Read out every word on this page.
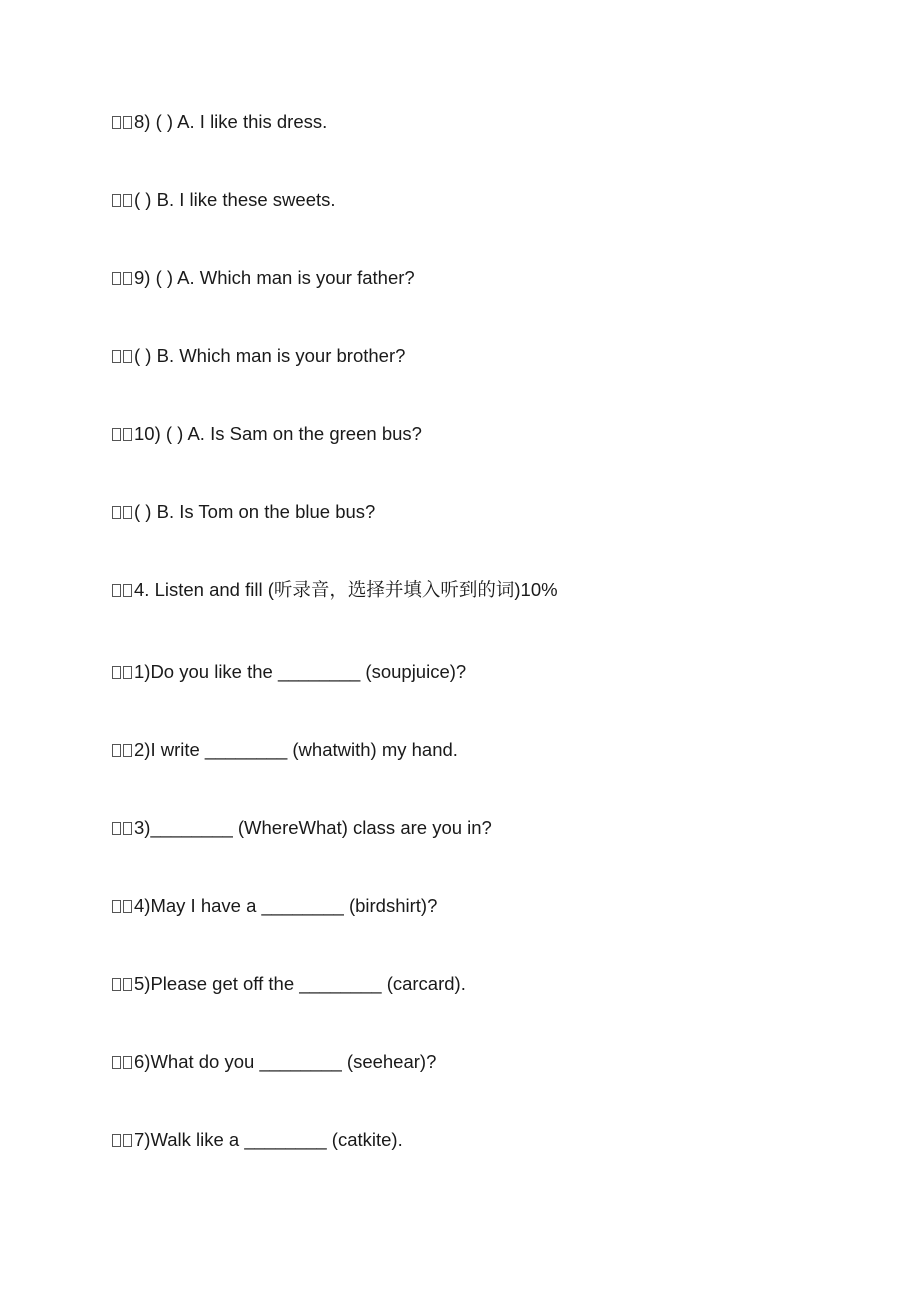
8) ( ) A. I like this dress.
( ) B. I like these sweets.
9) ( ) A. Which man is your father?
( ) B. Which man is your brother?
10) ( ) A. Is Sam on the green bus?
( ) B. Is Tom on the blue bus?
4. Listen and fill (听录音，选择并填入听到的词)10%
1)Do you like the ________ (soupjuice)?
2)I write ________ (whatwith) my hand.
3)________ (WhereWhat) class are you in?
4)May I have a ________ (birdshirt)?
5)Please get off the ________ (carcard).
6)What do you ________ (seehear)?
7)Walk like a ________ (catkite).
